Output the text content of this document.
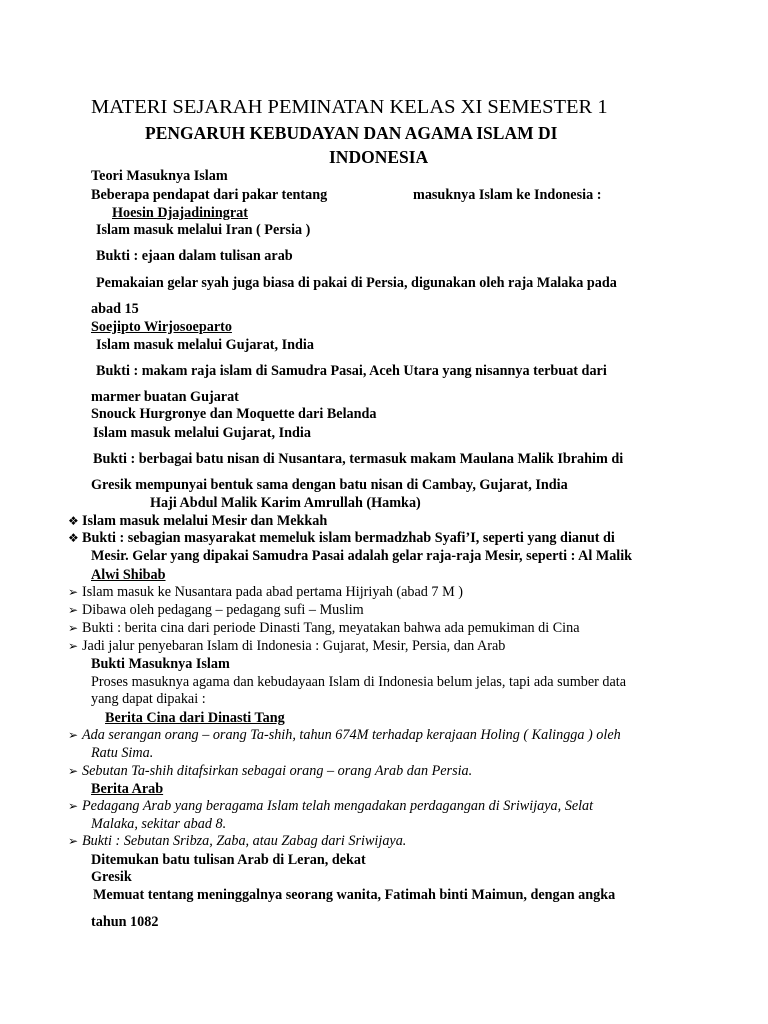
MATERI SEJARAH PEMINATAN KELAS XI SEMESTER 1
PENGARUH KEBUDAYAN DAN AGAMA ISLAM DI
INDONESIA
Teori Masuknya Islam
Beberapa pendapat dari pakar tentang	masuknya Islam ke Indonesia :
Hoesin Djajadiningrat
Islam masuk melalui Iran ( Persia )
Bukti : ejaan dalam tulisan arab
Pemakaian gelar syah juga biasa di pakai di Persia, digunakan oleh raja Malaka pada
abad 15
Soejipto Wirjosoeparto
Islam masuk melalui Gujarat, India
Bukti : makam raja islam di Samudra Pasai, Aceh Utara yang nisannya terbuat dari
marmer buatan Gujarat
Snouck Hurgronye dan Moquette dari Belanda
Islam masuk melalui Gujarat, India
Bukti : berbagai batu nisan di Nusantara, termasuk makam Maulana Malik Ibrahim di
Gresik mempunyai bentuk sama dengan batu nisan di Cambay, Gujarat, India
Haji Abdul Malik Karim Amrullah (Hamka)
❖ Islam masuk melalui Mesir dan Mekkah
❖ Bukti : sebagian masyarakat memeluk islam bermadzhab Syafi’I, seperti yang dianut di
Mesir. Gelar yang dipakai Samudra Pasai adalah gelar raja-raja Mesir, seperti : Al Malik
Alwi Shibab
➢ Islam masuk ke Nusantara pada abad pertama Hijriyah (abad 7 M )
➢ Dibawa oleh pedagang – pedagang sufi – Muslim
➢ Bukti : berita cina dari periode Dinasti Tang, meyatakan bahwa ada pemukiman di Cina
➢ Jadi jalur penyebaran Islam di Indonesia : Gujarat, Mesir, Persia, dan Arab
Bukti Masuknya Islam
Proses masuknya agama dan kebudayaan Islam di Indonesia belum jelas, tapi ada sumber data
yang dapat dipakai :
Berita Cina dari Dinasti Tang
➢ Ada serangan orang – orang Ta-shih, tahun 674M terhadap kerajaan Holing ( Kalingga ) oleh
Ratu Sima.
➢ Sebutan Ta-shih ditafsirkan sebagai orang – orang Arab dan Persia.
Berita Arab
➢ Pedagang Arab yang beragama Islam telah mengadakan perdagangan di Sriwijaya, Selat
Malaka, sekitar abad 8.
➢ Bukti : Sebutan Sribza, Zaba, atau Zabag dari Sriwijaya.
Ditemukan batu tulisan Arab di Leran, dekat
Gresik
Memuat tentang meninggalnya seorang wanita, Fatimah binti Maimun, dengan angka
tahun 1082
